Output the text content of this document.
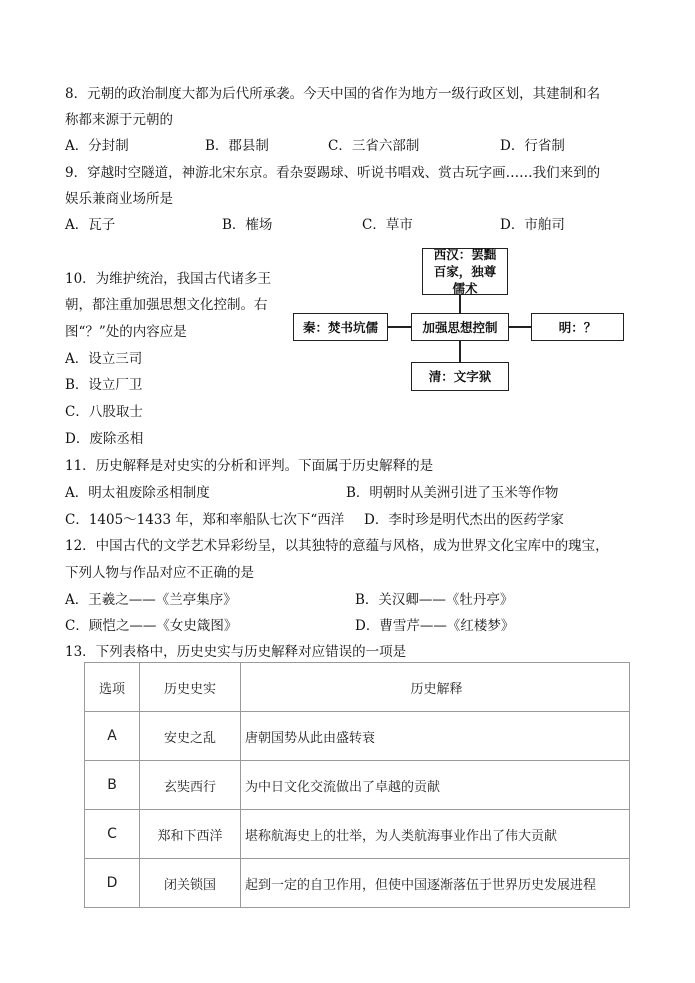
8．元朝的政治制度大都为后代所承袭。今天中国的省作为地方一级行政区划，其建制和名
称都来源于元朝的
A．分封制	B．郡县制	C．三省六部制	D．行省制
9．穿越时空隧道，神游北宋东京。看杂耍踢球、听说书唱戏、赏古玩字画……我们来到的
娱乐兼商业场所是
A．瓦子	B．榷场	C．草市	D．市舶司
10．为维护统治，我国古代诸多王
朝，都注重加强思想文化控制。右
图“？”处的内容应是
A．设立三司
B．设立厂卫
C．八股取士
D．废除丞相
西汉：罢黜百家，独尊儒术
加强思想控制
秦：焚书坑儒	明：？
清：文字狱
11．历史解释是对史实的分析和评判。下面属于历史解释的是
A．明太祖废除丞相制度	B．明朝时从美洲引进了玉米等作物
C．1405～1433 年，郑和率船队七次下“西洋 D．李时珍是明代杰出的医药学家
12．中国古代的文学艺术异彩纷呈，以其独特的意蕴与风格，成为世界文化宝库中的瑰宝，
下列人物与作品对应不正确的是
A．王羲之——《兰亭集序》	B．关汉卿——《牡丹亭》
C．顾恺之——《女史箴图》	D．曹雪芹——《红楼梦》
13．下列表格中，历史史实与历史解释对应错误的一项是
选项	历史史实	历史解释
A	安史之乱	唐朝国势从此由盛转衰
B	玄奘西行	为中日文化交流做出了卓越的贡献
C	郑和下西洋	堪称航海史上的壮举，为人类航海事业作出了伟大贡献
D	闭关锁国	起到一定的自卫作用，但使中国逐渐落伍于世界历史发展进程
